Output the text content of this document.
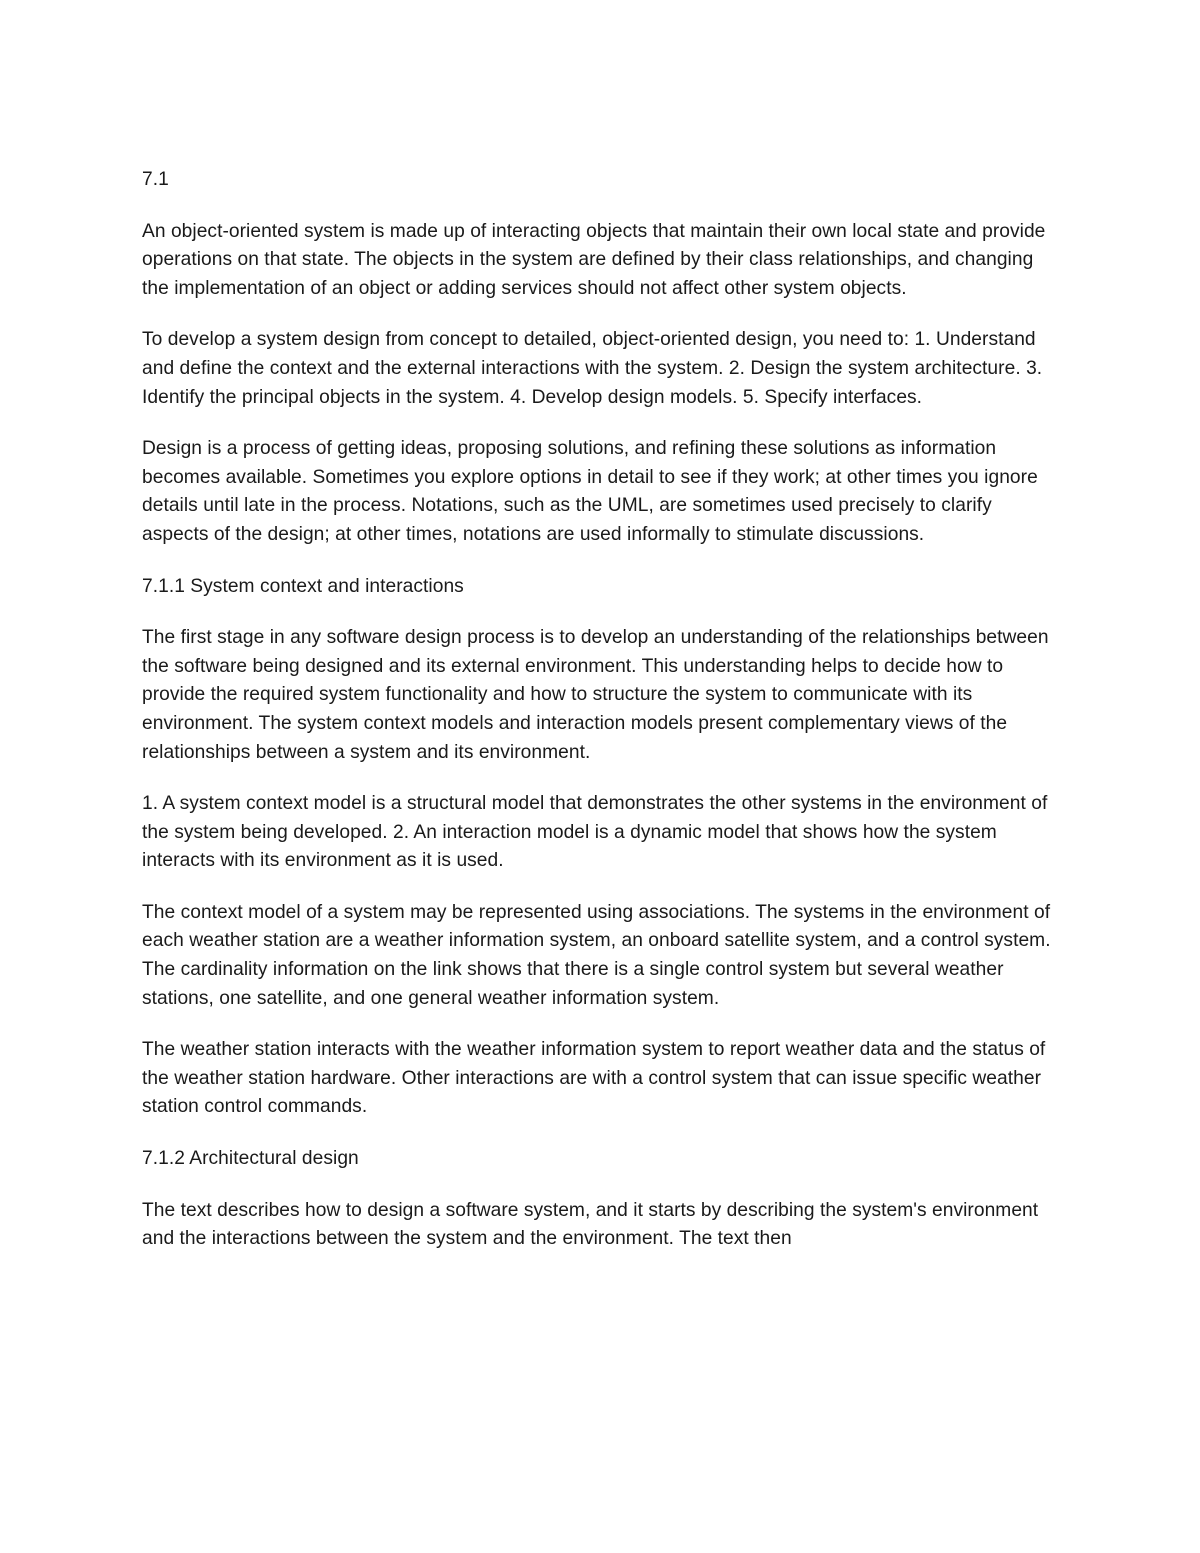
7.1

An object-oriented system is made up of interacting objects that maintain their own local state and provide operations on that state. The objects in the system are defined by their class relationships, and changing the implementation of an object or adding services should not affect other system objects.

To develop a system design from concept to detailed, object-oriented design, you need to: 1. Understand and define the context and the external interactions with the system. 2. Design the system architecture. 3. Identify the principal objects in the system. 4. Develop design models. 5. Specify interfaces.

Design is a process of getting ideas, proposing solutions, and refining these solutions as information becomes available. Sometimes you explore options in detail to see if they work; at other times you ignore details until late in the process. Notations, such as the UML, are sometimes used precisely to clarify aspects of the design; at other times, notations are used informally to stimulate discussions.

7.1.1 System context and interactions

The first stage in any software design process is to develop an understanding of the relationships between the software being designed and its external environment. This understanding helps to decide how to provide the required system functionality and how to structure the system to communicate with its environment. The system context models and interaction models present complementary views of the relationships between a system and its environment.

1. A system context model is a structural model that demonstrates the other systems in the environment of the system being developed. 2. An interaction model is a dynamic model that shows how the system interacts with its environment as it is used.

The context model of a system may be represented using associations. The systems in the environment of each weather station are a weather information system, an onboard satellite system, and a control system. The cardinality information on the link shows that there is a single control system but several weather stations, one satellite, and one general weather information system.

The weather station interacts with the weather information system to report weather data and the status of the weather station hardware. Other interactions are with a control system that can issue specific weather station control commands.

7.1.2 Architectural design

The text describes how to design a software system, and it starts by describing the system's environment and the interactions between the system and the environment. The text then
